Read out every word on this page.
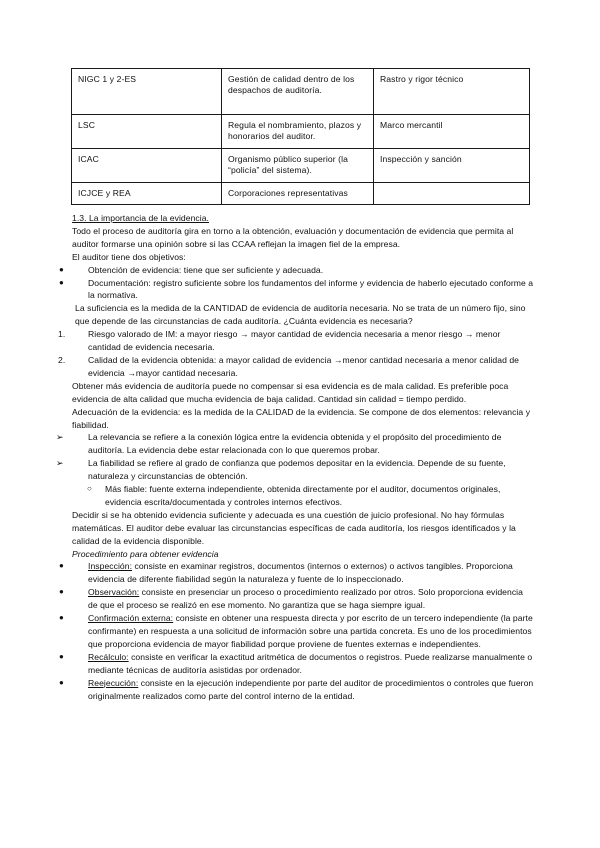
NIGC 1 y 2-ES	Gestión de calidad dentro de los despachos de auditoría.	Rastro y rigor técnico
LSC	Regula el nombramiento, plazos y honorarios del auditor.	Marco mercantil
ICAC	Organismo público superior (la “policía” del sistema).	Inspección y sanción
ICJCE y REA	Corporaciones representativas	

1.3. La importancia de la evidencia.

Todo el proceso de auditoría gira en torno a la obtención, evaluación y documentación de evidencia que permita al auditor formarse una opinión sobre si las CCAA reflejan la imagen fiel de la empresa.

El auditor tiene dos objetivos:

●	Obtención de evidencia: tiene que ser suficiente y adecuada.

●	Documentación: registro suficiente sobre los fundamentos del informe y evidencia de haberlo ejecutado conforme a la normativa.

La suficiencia es la medida de la CANTIDAD de evidencia de auditoría necesaria. No se trata de un número fijo, sino que depende de las circunstancias de cada auditoría. ¿Cuánta evidencia es necesaria?

1.	Riesgo valorado de IM: a mayor riesgo → mayor cantidad de evidencia necesaria a menor riesgo → menor cantidad de evidencia necesaria.

2.	Calidad de la evidencia obtenida: a mayor calidad de evidencia →menor cantidad necesaria a menor calidad de evidencia →mayor cantidad necesaria.

Obtener más evidencia de auditoría puede no compensar si esa evidencia es de mala calidad. Es preferible poca evidencia de alta calidad que mucha evidencia de baja calidad. Cantidad sin calidad = tiempo perdido.

Adecuación de la evidencia: es la medida de la CALIDAD de la evidencia. Se compone de dos elementos: relevancia y fiabilidad.

➢	La relevancia se refiere a la conexión lógica entre la evidencia obtenida y el propósito del procedimiento de auditoría. La evidencia debe estar relacionada con lo que queremos probar.

➢	La fiabilidad se refiere al grado de confianza que podemos depositar en la evidencia. Depende de su fuente, naturaleza y circunstancias de obtención.

○	Más fiable: fuente externa independiente, obtenida directamente por el auditor, documentos originales, evidencia escrita/documentada y controles internos efectivos.

Decidir si se ha obtenido evidencia suficiente y adecuada es una cuestión de juicio profesional. No hay fórmulas matemáticas. El auditor debe evaluar las circunstancias específicas de cada auditoría, los riesgos identificados y la calidad de la evidencia disponible.

Procedimiento para obtener evidencia

●	Inspección: consiste en examinar registros, documentos (internos o externos) o activos tangibles. Proporciona evidencia de diferente fiabilidad según la naturaleza y fuente de lo inspeccionado.

●	Observación: consiste en presenciar un proceso o procedimiento realizado por otros. Solo proporciona evidencia de que el proceso se realizó en ese momento. No garantiza que se haga siempre igual.

●	Confirmación externa: consiste en obtener una respuesta directa y por escrito de un tercero independiente (la parte confirmante) en respuesta a una solicitud de información sobre una partida concreta. Es uno de los procedimientos que proporciona evidencia de mayor fiabilidad porque proviene de fuentes externas e independientes.

●	Recálculo: consiste en verificar la exactitud aritmética de documentos o registros. Puede realizarse manualmente o mediante técnicas de auditoría asistidas por ordenador.

●	Reejecución: consiste en la ejecución independiente por parte del auditor de procedimientos o controles que fueron originalmente realizados como parte del control interno de la entidad.
